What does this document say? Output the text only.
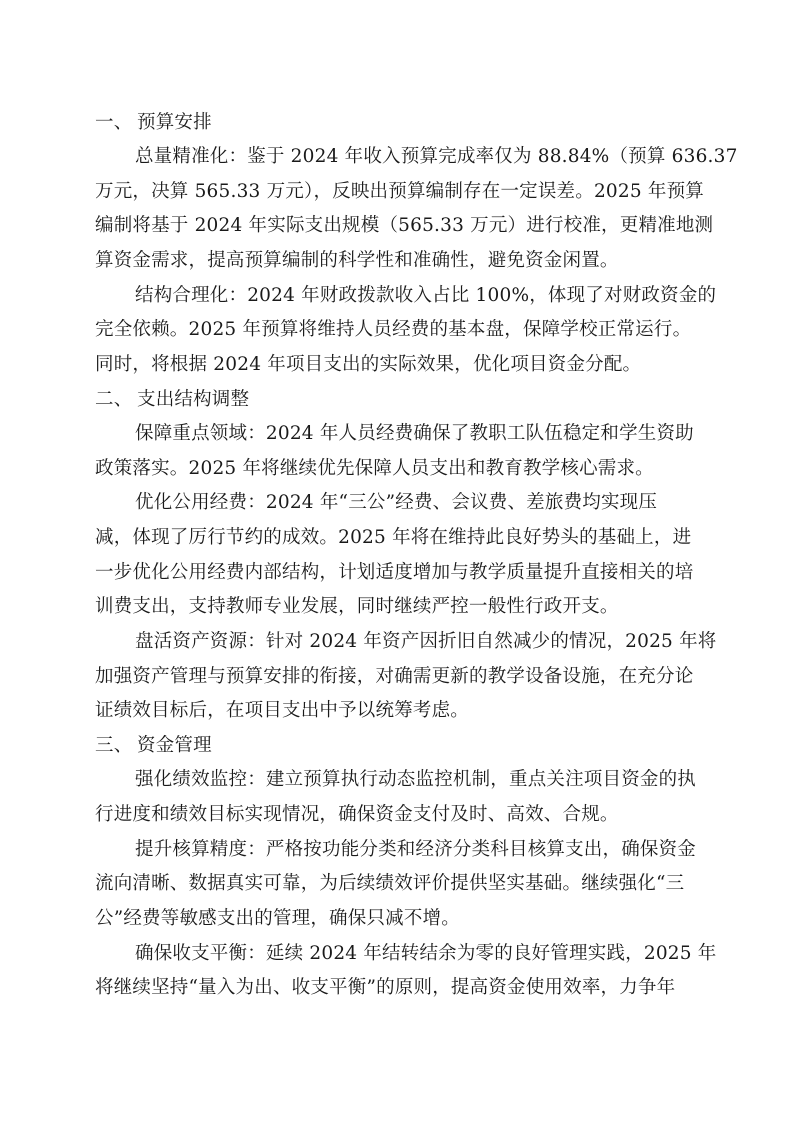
一、 预算安排
总量精准化：鉴于 2024 年收入预算完成率仅为 88.84%（预算 636.37
万元，决算 565.33 万元），反映出预算编制存在一定误差。2025 年预算
编制将基于 2024 年实际支出规模（565.33 万元）进行校准，更精准地测
算资金需求，提高预算编制的科学性和准确性，避免资金闲置。
结构合理化：2024 年财政拨款收入占比 100%，体现了对财政资金的
完全依赖。2025 年预算将维持人员经费的基本盘，保障学校正常运行。
同时，将根据 2024 年项目支出的实际效果，优化项目资金分配。
二、 支出结构调整
保障重点领域：2024 年人员经费确保了教职工队伍稳定和学生资助
政策落实。2025 年将继续优先保障人员支出和教育教学核心需求。
优化公用经费：2024 年“三公”经费、会议费、差旅费均实现压
减，体现了厉行节约的成效。2025 年将在维持此良好势头的基础上，进
一步优化公用经费内部结构，计划适度增加与教学质量提升直接相关的培
训费支出，支持教师专业发展，同时继续严控一般性行政开支。
盘活资产资源：针对 2024 年资产因折旧自然减少的情况，2025 年将
加强资产管理与预算安排的衔接，对确需更新的教学设备设施，在充分论
证绩效目标后，在项目支出中予以统筹考虑。
三、 资金管理
强化绩效监控：建立预算执行动态监控机制，重点关注项目资金的执
行进度和绩效目标实现情况，确保资金支付及时、高效、合规。
提升核算精度：严格按功能分类和经济分类科目核算支出，确保资金
流向清晰、数据真实可靠，为后续绩效评价提供坚实基础。继续强化“三
公”经费等敏感支出的管理，确保只减不增。
确保收支平衡：延续 2024 年结转结余为零的良好管理实践，2025 年
将继续坚持“量入为出、收支平衡”的原则，提高资金使用效率，力争年
